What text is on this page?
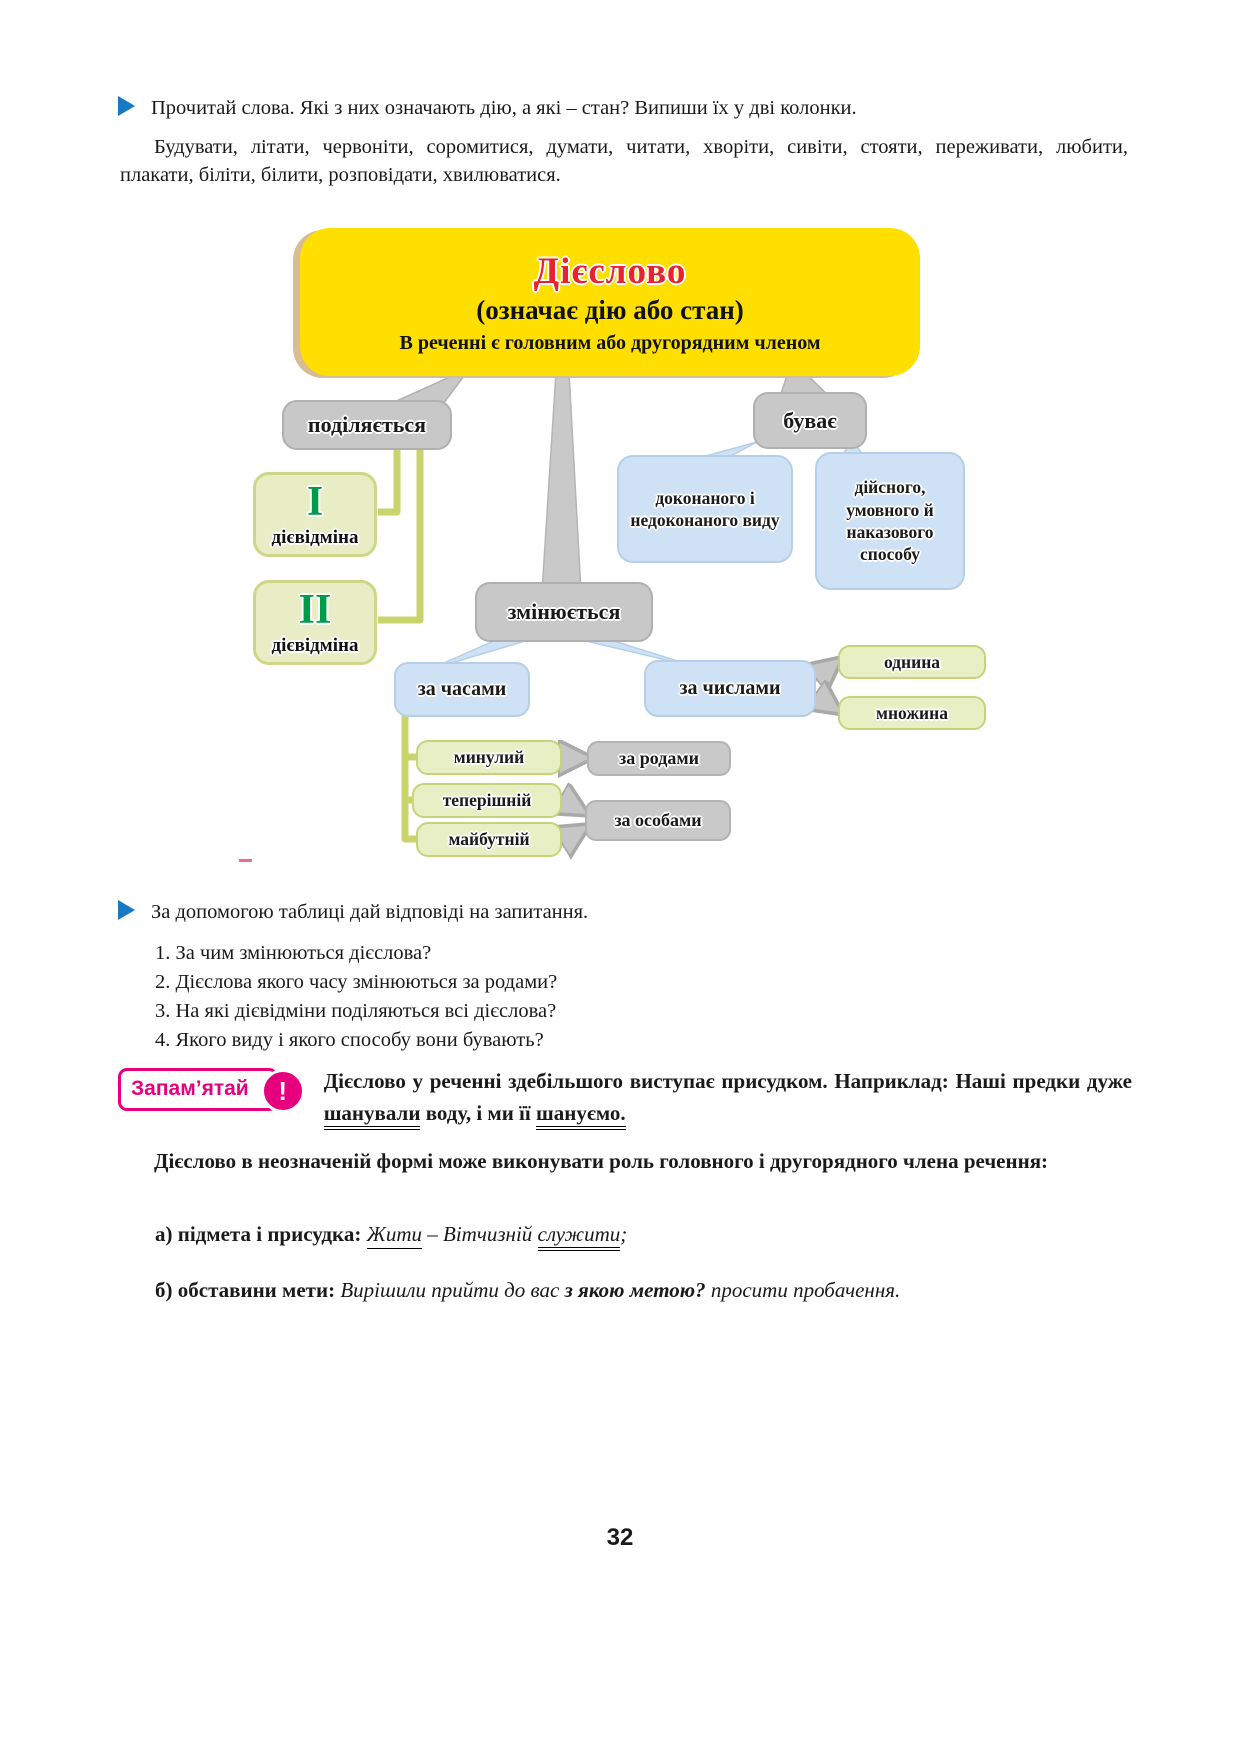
Прочитай слова. Які з них означають дію, а які – стан? Випиши їх у дві колонки.
Будувати, літати, червоніти, соромитися, думати, читати, хворіти, сивіти, стояти, переживати, любити, плакати, біліти, білити, розповідати, хвилюватися.
Дієслово
(означає дію або стан)
В реченні є головним або другорядним членом
поділяється	буває
I
дієвідміна
II
дієвідміна
доконаного і недоконаного виду
дійсного, умовного й наказового способу
змінюється
за часами	за числами
однина
множина
минулий
теперішній
майбутній
за родами
за особами
За допомогою таблиці дай відповіді на запитання.
1. За чим змінюються дієслова?
2. Дієслова якого часу змінюються за родами?
3. На які дієвідміни поділяються всі дієслова?
4. Якого виду і якого способу вони бувають?
Запам’ятай	!	Дієслово у реченні здебільшого виступає присудком. Наприклад: Наші предки дуже шанували воду, і ми її шануємо.
Дієслово в неозначеній формі може виконувати роль головного і другорядного члена речення:
а) підмета і присудка: Жити – Вітчизній служити;
б) обставини мети: Вирішили прийти до вас з якою метою? просити пробачення.
32
